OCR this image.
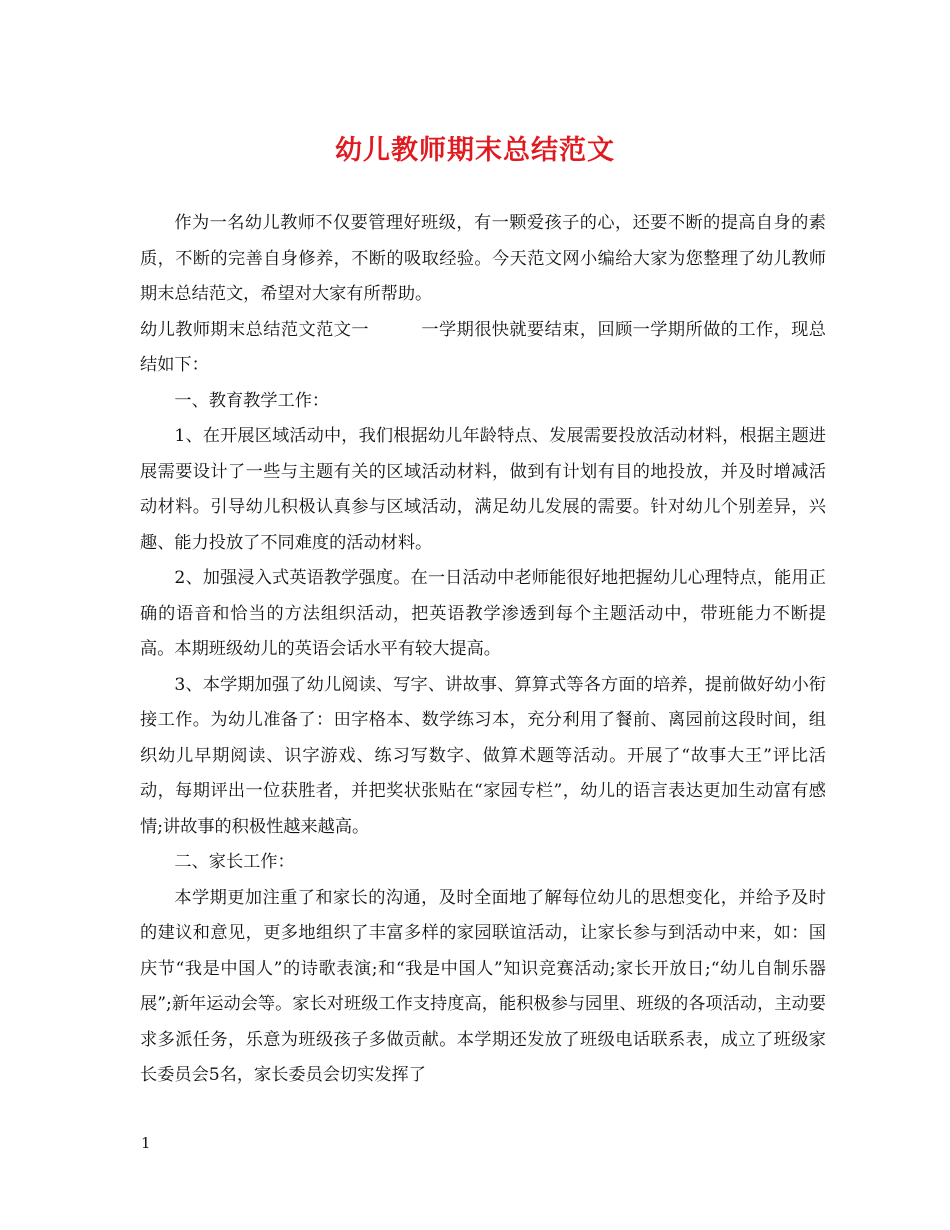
幼儿教师期末总结范文

作为一名幼儿教师不仅要管理好班级，有一颗爱孩子的心，还要不断的提高自身的素质，不断的完善自身修养，不断的吸取经验。今天范文网小编给大家为您整理了幼儿教师期末总结范文，希望对大家有所帮助。

幼儿教师期末总结范文范文一	一学期很快就要结束，回顾一学期所做的工作，现总结如下：

一、教育教学工作：

1、在开展区域活动中，我们根据幼儿年龄特点、发展需要投放活动材料，根据主题进展需要设计了一些与主题有关的区域活动材料，做到有计划有目的地投放，并及时增减活动材料。引导幼儿积极认真参与区域活动，满足幼儿发展的需要。针对幼儿个别差异，兴趣、能力投放了不同难度的活动材料。

2、加强浸入式英语教学强度。在一日活动中老师能很好地把握幼儿心理特点，能用正确的语音和恰当的方法组织活动，把英语教学渗透到每个主题活动中，带班能力不断提高。本期班级幼儿的英语会话水平有较大提高。

3、本学期加强了幼儿阅读、写字、讲故事、算算式等各方面的培养，提前做好幼小衔接工作。为幼儿准备了：田字格本、数学练习本，充分利用了餐前、离园前这段时间，组织幼儿早期阅读、识字游戏、练习写数字、做算术题等活动。开展了“故事大王”评比活动，每期评出一位获胜者，并把奖状张贴在“家园专栏”，幼儿的语言表达更加生动富有感情;讲故事的积极性越来越高。

二、家长工作：

本学期更加注重了和家长的沟通，及时全面地了解每位幼儿的思想变化，并给予及时的建议和意见，更多地组织了丰富多样的家园联谊活动，让家长参与到活动中来，如：国庆节“我是中国人”的诗歌表演;和“我是中国人”知识竞赛活动;家长开放日;“幼儿自制乐器展”;新年运动会等。家长对班级工作支持度高，能积极参与园里、班级的各项活动，主动要求多派任务，乐意为班级孩子多做贡献。本学期还发放了班级电话联系表，成立了班级家长委员会5名，家长委员会切实发挥了

1
